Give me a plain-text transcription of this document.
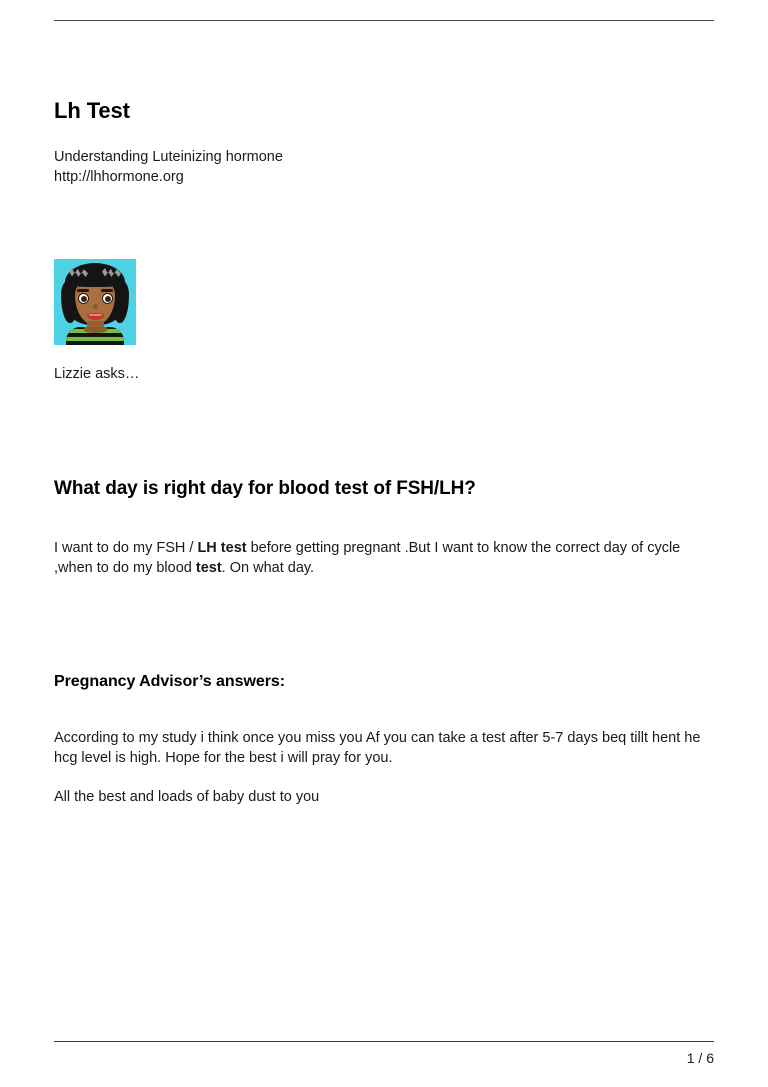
Lh Test
Understanding Luteinizing hormone
http://lhhormone.org
Lizzie asks…
What day is right day for blood test of FSH/LH?

I want to do my FSH / LH test before getting pregnant .But I want to know the correct day of cycle ,when to do my blood test. On what day.

Pregnancy Advisor’s answers:

According to my study i think once you miss you Af you can take a test after 5-7 days beq tillt hent he hcg level is high. Hope for the best i will pray for you.

All the best and loads of baby dust to you

1 / 6
